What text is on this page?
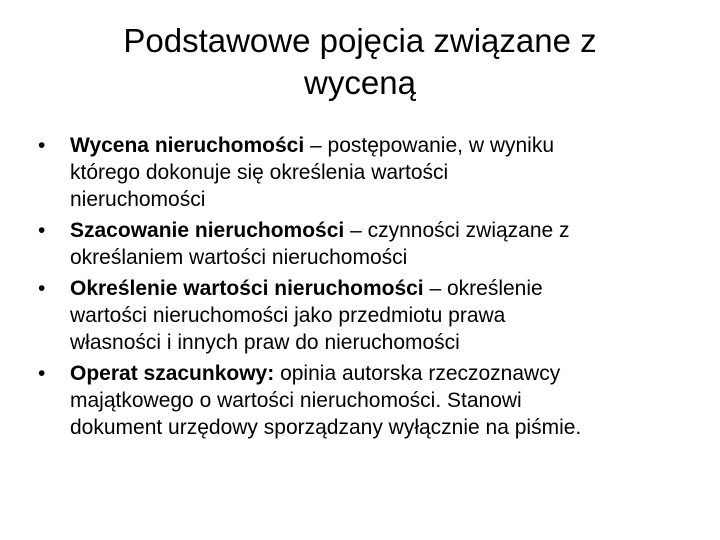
Podstawowe pojęcia związane z
wyceną
• Wycena nieruchomości – postępowanie, w wyniku
którego dokonuje się określenia wartości
nieruchomości
• Szacowanie nieruchomości – czynności związane z
określaniem wartości nieruchomości
• Określenie wartości nieruchomości – określenie
wartości nieruchomości jako przedmiotu prawa
własności i innych praw do nieruchomości
• Operat szacunkowy: opinia autorska rzeczoznawcy
majątkowego o wartości nieruchomości. Stanowi
dokument urzędowy sporządzany wyłącznie na piśmie.
